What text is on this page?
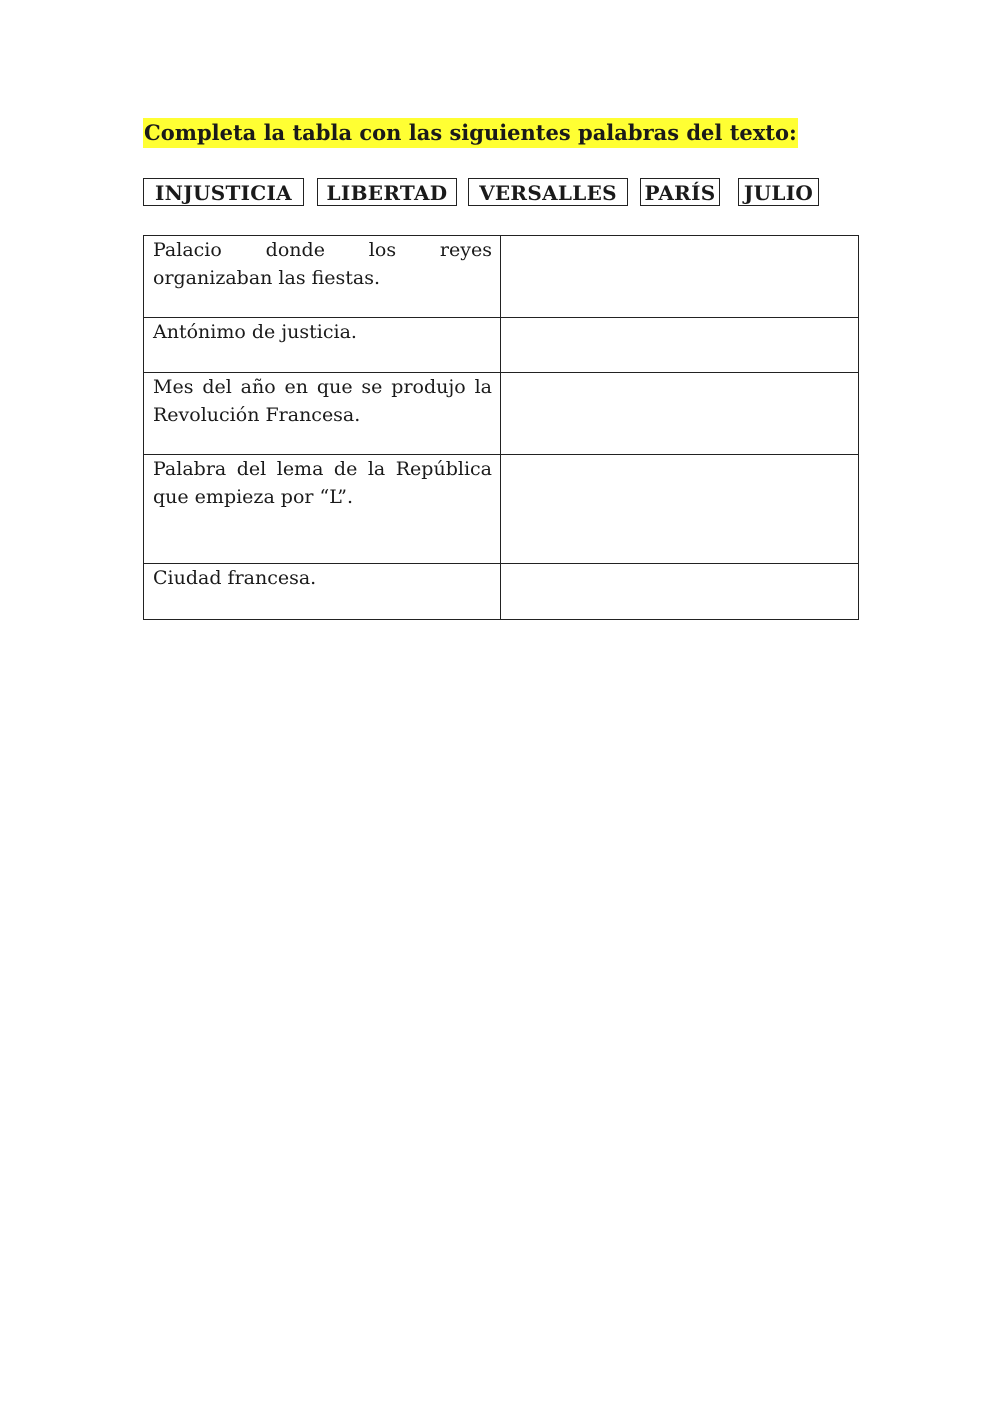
Completa la tabla con las siguientes palabras del texto:

INJUSTICIA	LIBERTAD	VERSALLES	PARÍS JULIO
Palacio donde los reyes organizaban las fiestas.	

Antónimo de justicia.	

Mes del año en que se produjo la Revolución Francesa.	

Palabra del lema de la República que empieza por “L”.	

Ciudad francesa.	
